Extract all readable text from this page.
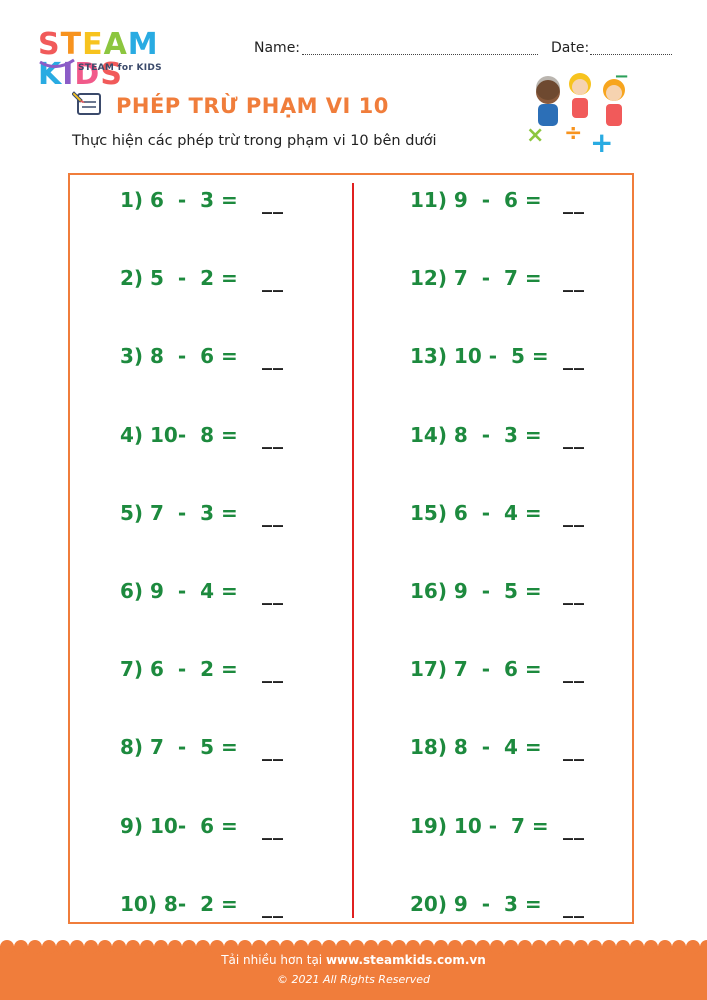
STEAM KIDS
STEAM for KIDS
Name:	Date:
PHÉP TRỪ PHẠM VI 10
Thực hiện các phép trừ trong phạm vi 10 bên dưới	× ÷ +
−
1) 6  -  3 = __
2) 5  -  2 = __
3) 8  -  6 = __
4) 10-  8 = __
5) 7  -  3 = __
6) 9  -  4 = __
7) 6  -  2 = __
8) 7  -  5 = __
9) 10-  6 = __
10) 8-  2 = __
11) 9  -  6 = __
12) 7  -  7 = __
13) 10 -  5 = __
14) 8  -  3 = __
15) 6  -  4 = __
16) 9  -  5 = __
17) 7  -  6 = __
18) 8  -  4 = __
19) 10 -  7 = __
20) 9  -  3 = __
Tải nhiều hơn tại www.steamkids.com.vn
© 2021 All Rights Reserved
